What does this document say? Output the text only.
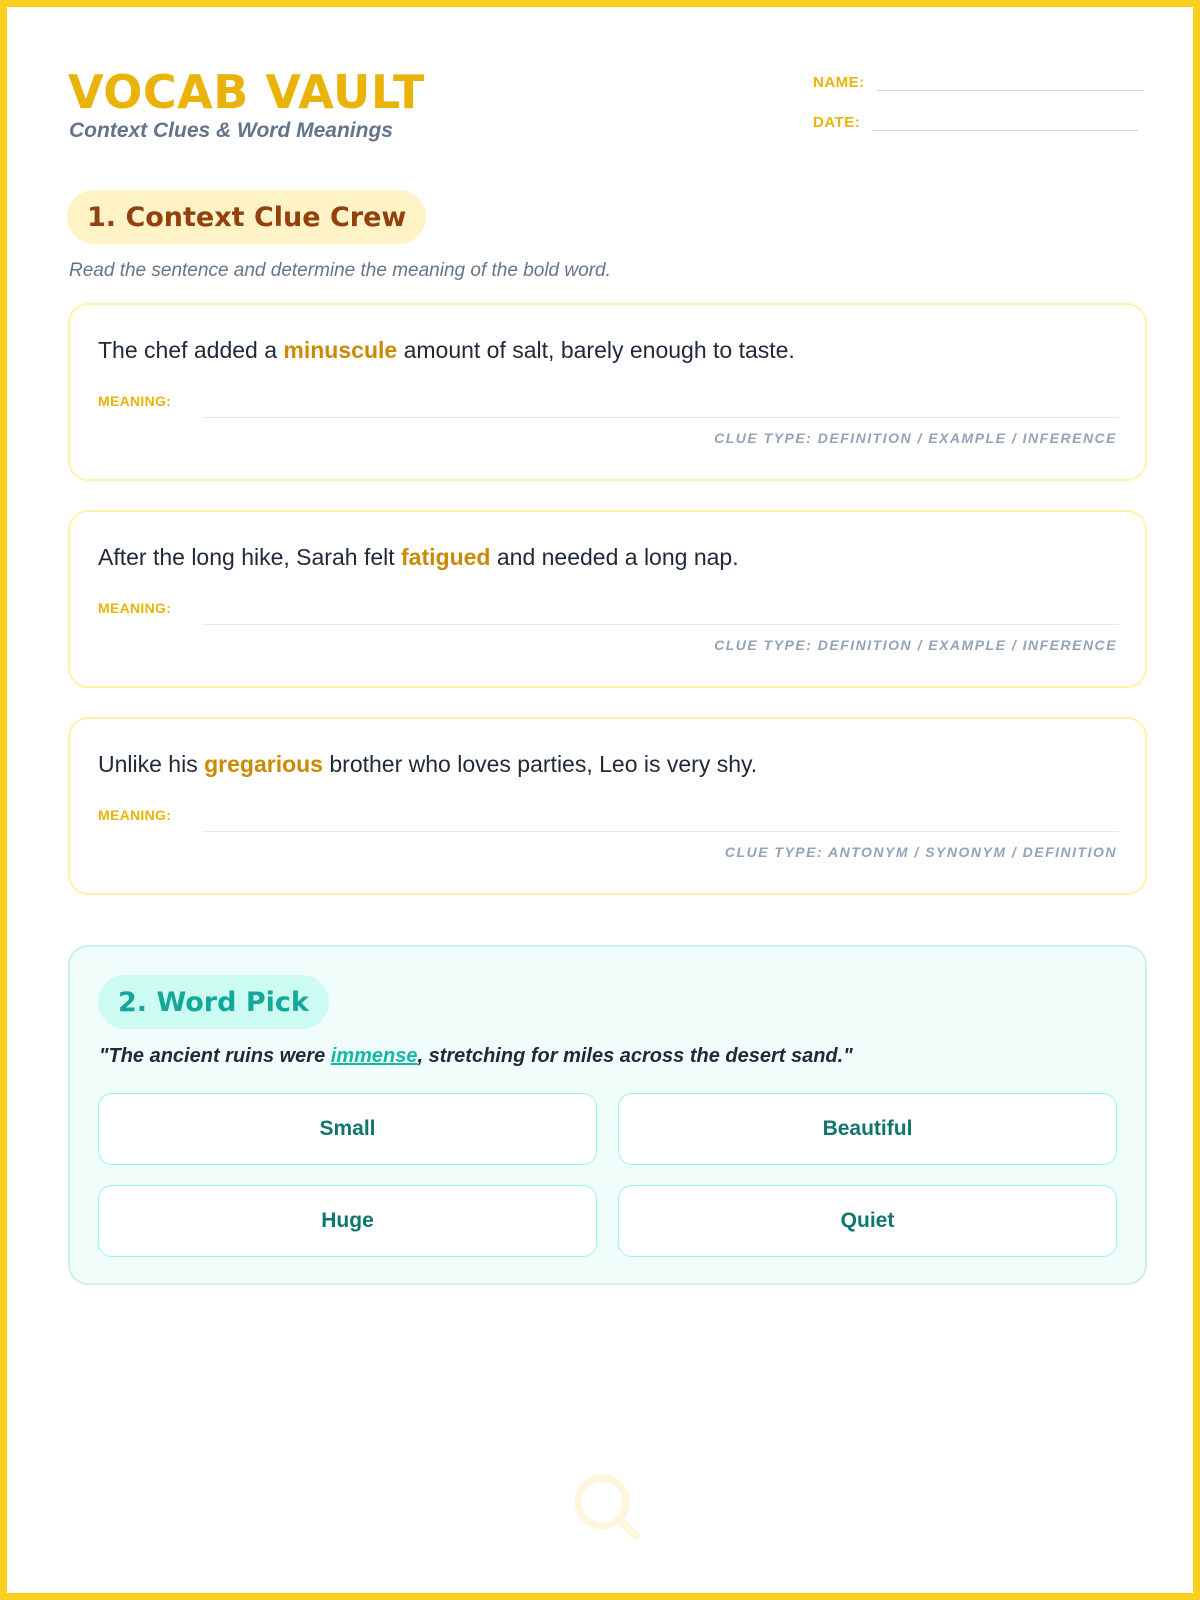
VOCAB VAULT
Context Clues & Word Meanings
NAME:
DATE:
1. Context Clue Crew
Read the sentence and determine the meaning of the bold word.
The chef added a minuscule amount of salt, barely enough to taste.
MEANING:
CLUE TYPE: DEFINITION / EXAMPLE / INFERENCE
After the long hike, Sarah felt fatigued and needed a long nap.
MEANING:
CLUE TYPE: DEFINITION / EXAMPLE / INFERENCE
Unlike his gregarious brother who loves parties, Leo is very shy.
MEANING:
CLUE TYPE: ANTONYM / SYNONYM / DEFINITION
2. Word Pick
"The ancient ruins were immense, stretching for miles across the desert sand."
Small	Beautiful
Huge	Quiet
